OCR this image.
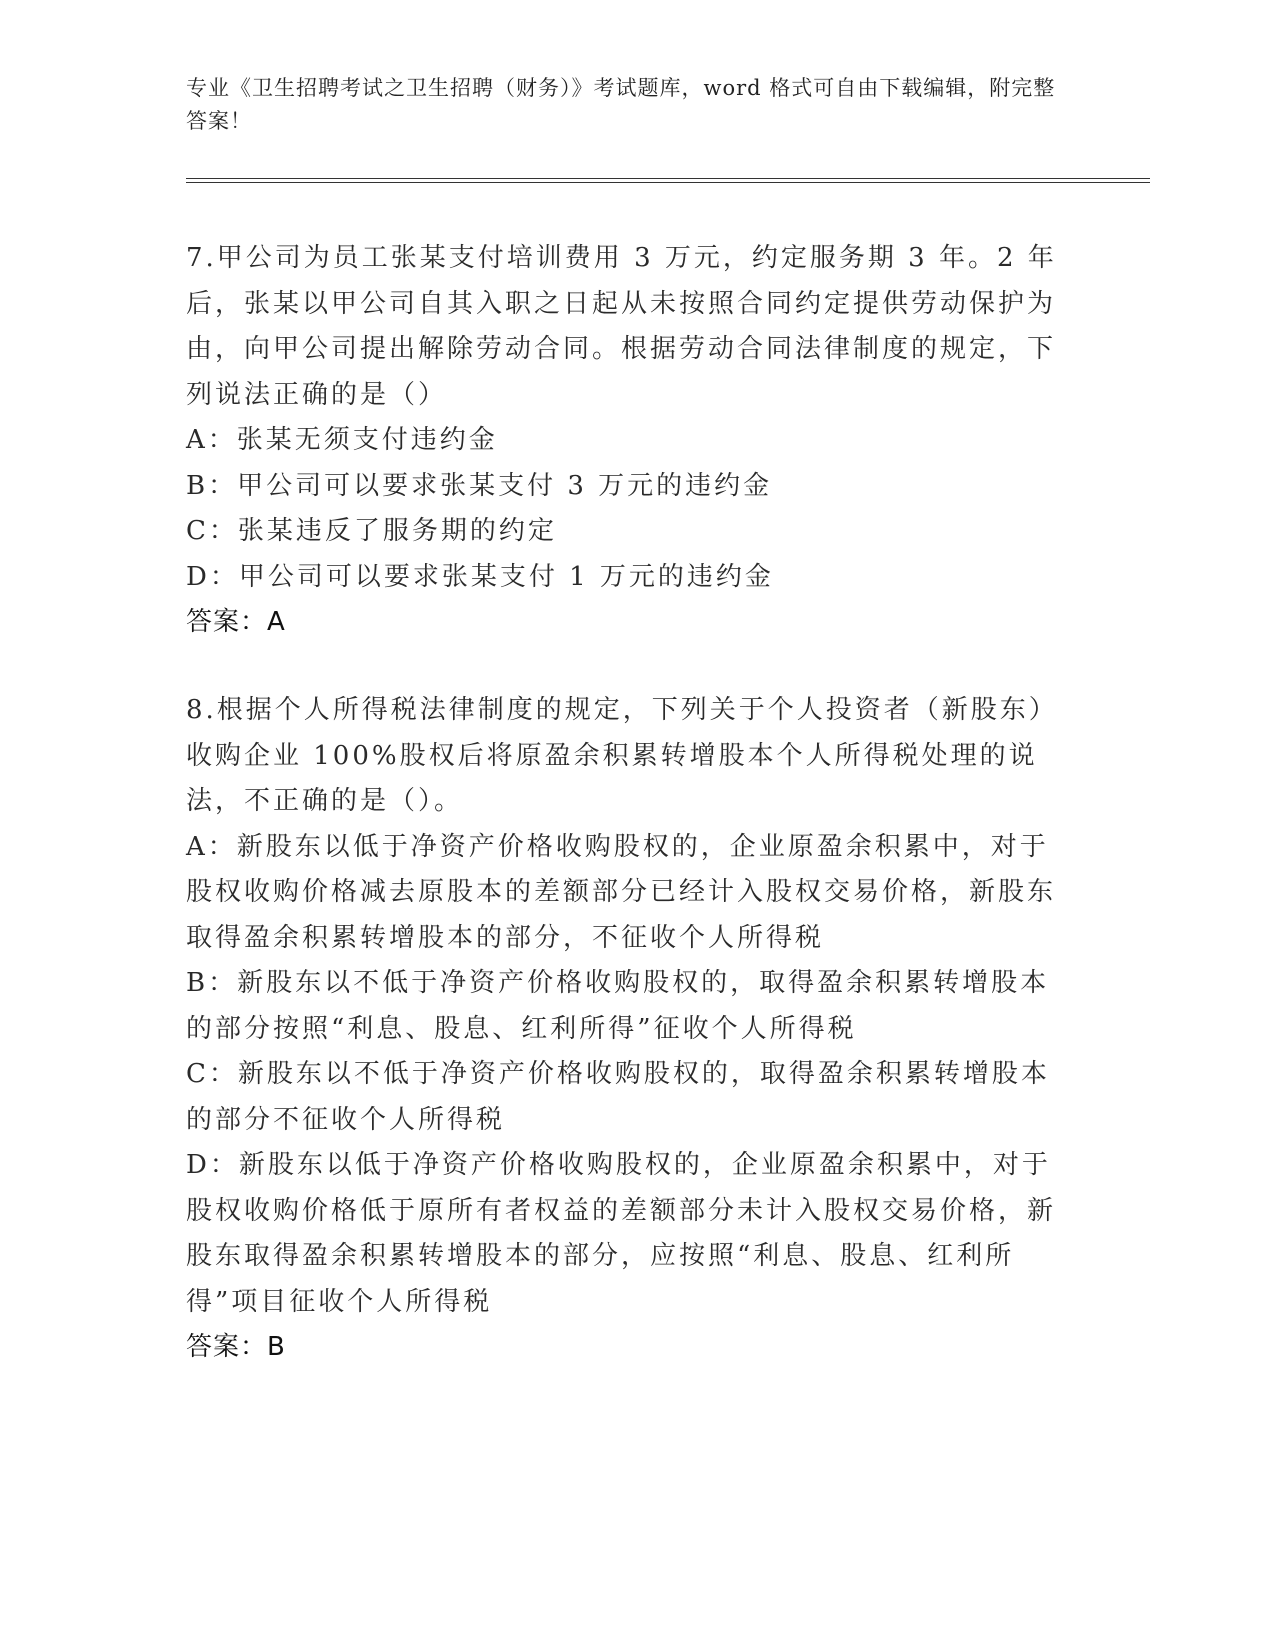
专业《卫生招聘考试之卫生招聘（财务）》考试题库，word 格式可自由下载编辑，附完整答案！

7.甲公司为员工张某支付培训费用 3 万元，约定服务期 3 年。2 年后，张某以甲公司自其入职之日起从未按照合同约定提供劳动保护为由，向甲公司提出解除劳动合同。根据劳动合同法律制度的规定，下列说法正确的是（）

A：张某无须支付违约金

B：甲公司可以要求张某支付 3 万元的违约金

C：张某违反了服务期的约定

D：甲公司可以要求张某支付 1 万元的违约金

答案：A

8.根据个人所得税法律制度的规定，下列关于个人投资者（新股东）收购企业 100%股权后将原盈余积累转增股本个人所得税处理的说法，不正确的是（）。

A：新股东以低于净资产价格收购股权的，企业原盈余积累中，对于股权收购价格减去原股本的差额部分已经计入股权交易价格，新股东取得盈余积累转增股本的部分，不征收个人所得税

B：新股东以不低于净资产价格收购股权的，取得盈余积累转增股本的部分按照“利息、股息、红利所得”征收个人所得税

C：新股东以不低于净资产价格收购股权的，取得盈余积累转增股本的部分不征收个人所得税

D：新股东以低于净资产价格收购股权的，企业原盈余积累中，对于股权收购价格低于原所有者权益的差额部分未计入股权交易价格，新股东取得盈余积累转增股本的部分，应按照“利息、股息、红利所得”项目征收个人所得税

答案：B
